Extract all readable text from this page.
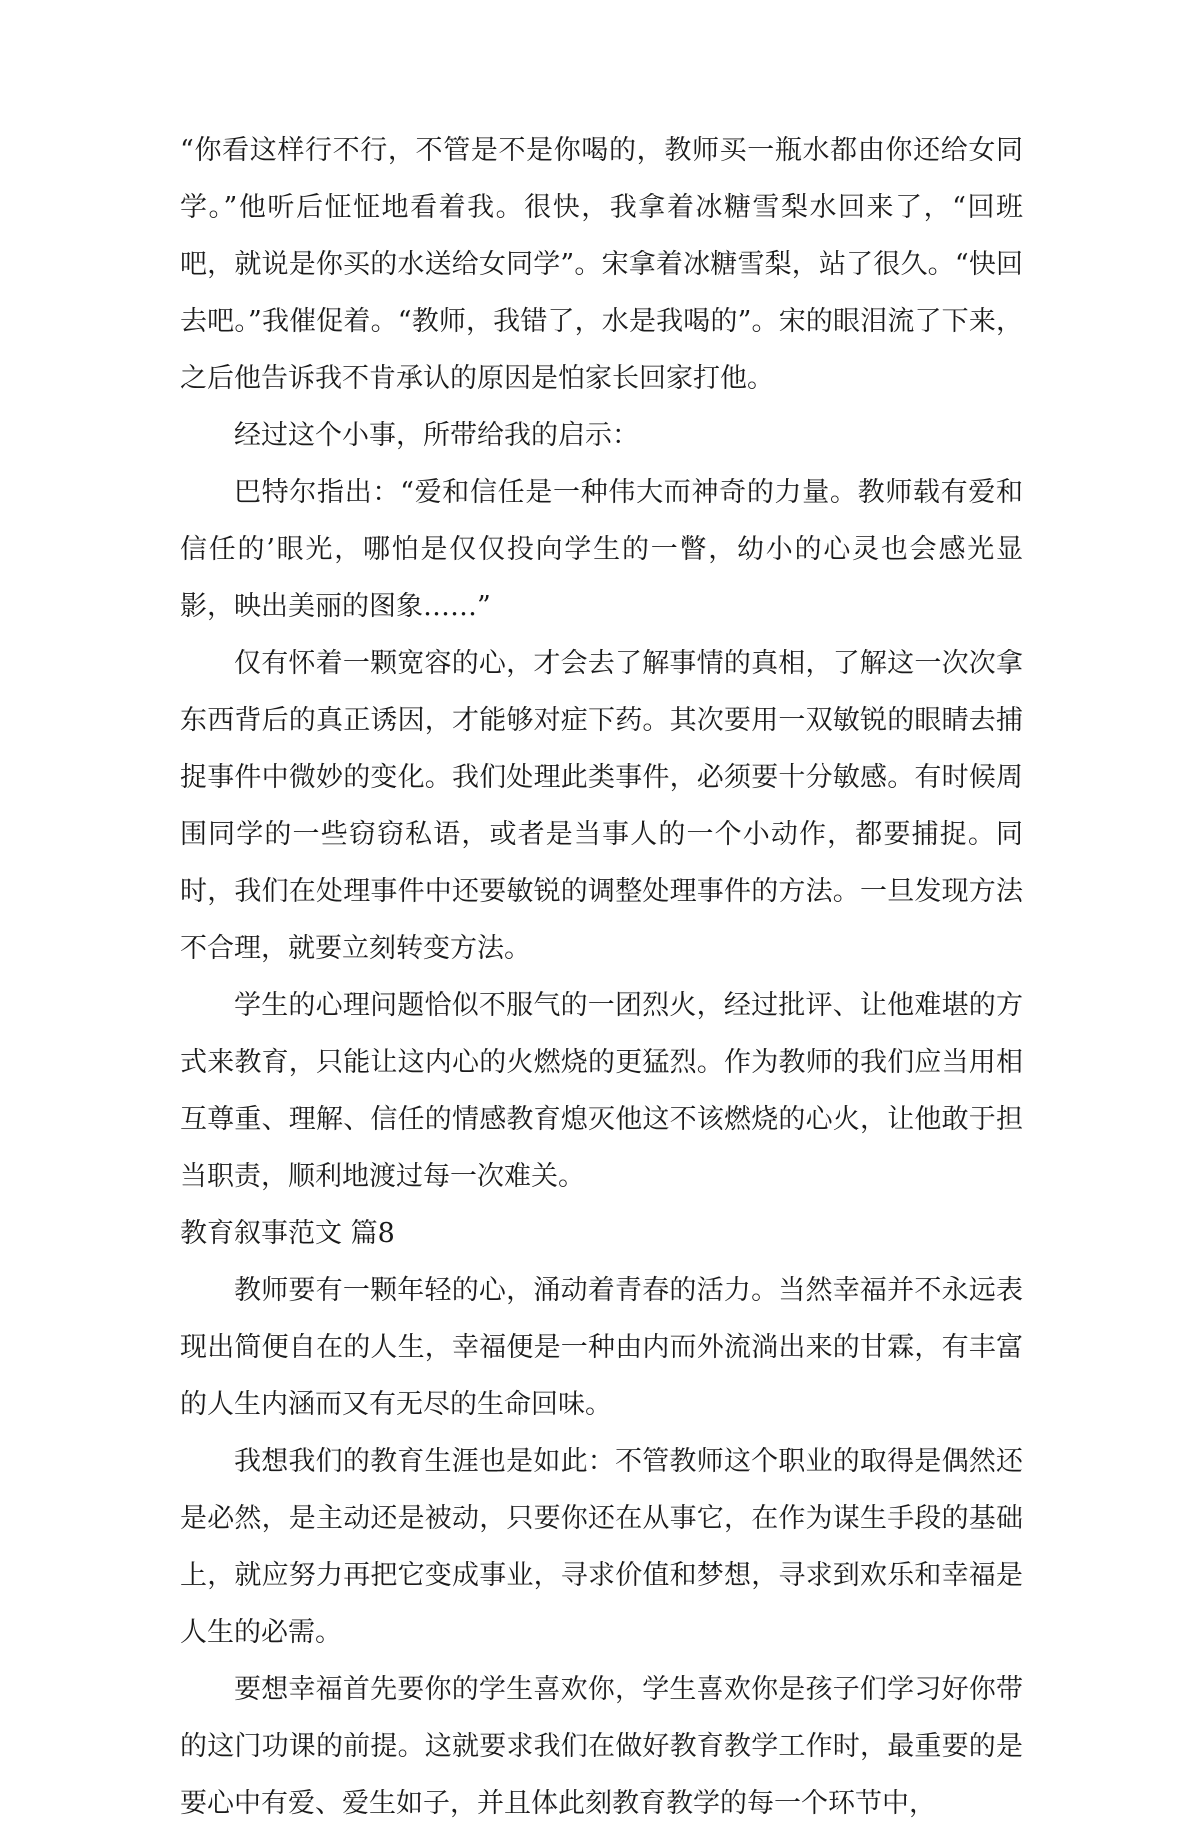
“你看这样行不行，不管是不是你喝的，教师买一瓶水都由你还给女同学。”他听后怔怔地看着我。很快，我拿着冰糖雪梨水回来了，“回班吧，就说是你买的水送给女同学”。宋拿着冰糖雪梨，站了很久。“快回去吧。”我催促着。“教师，我错了，水是我喝的”。宋的眼泪流了下来，之后他告诉我不肯承认的原因是怕家长回家打他。

经过这个小事，所带给我的启示：

巴特尔指出：“爱和信任是一种伟大而神奇的力量。教师载有爱和信任的’眼光，哪怕是仅仅投向学生的一瞥，幼小的心灵也会感光显影，映出美丽的图象……”

仅有怀着一颗宽容的心，才会去了解事情的真相，了解这一次次拿东西背后的真正诱因，才能够对症下药。其次要用一双敏锐的眼睛去捕捉事件中微妙的变化。我们处理此类事件，必须要十分敏感。有时候周围同学的一些窃窃私语，或者是当事人的一个小动作，都要捕捉。同时，我们在处理事件中还要敏锐的调整处理事件的方法。一旦发现方法不合理，就要立刻转变方法。

学生的心理问题恰似不服气的一团烈火，经过批评、让他难堪的方式来教育，只能让这内心的火燃烧的更猛烈。作为教师的我们应当用相互尊重、理解、信任的情感教育熄灭他这不该燃烧的心火，让他敢于担当职责，顺利地渡过每一次难关。

教育叙事范文 篇8

教师要有一颗年轻的心，涌动着青春的活力。当然幸福并不永远表现出简便自在的人生，幸福便是一种由内而外流淌出来的甘霖，有丰富的人生内涵而又有无尽的生命回味。

我想我们的教育生涯也是如此：不管教师这个职业的取得是偶然还是必然，是主动还是被动，只要你还在从事它，在作为谋生手段的基础上，就应努力再把它变成事业，寻求价值和梦想，寻求到欢乐和幸福是人生的必需。

要想幸福首先要你的学生喜欢你，学生喜欢你是孩子们学习好你带的这门功课的前提。这就要求我们在做好教育教学工作时，最重要的是要心中有爱、爱生如子，并且体此刻教育教学的每一个环节中，
